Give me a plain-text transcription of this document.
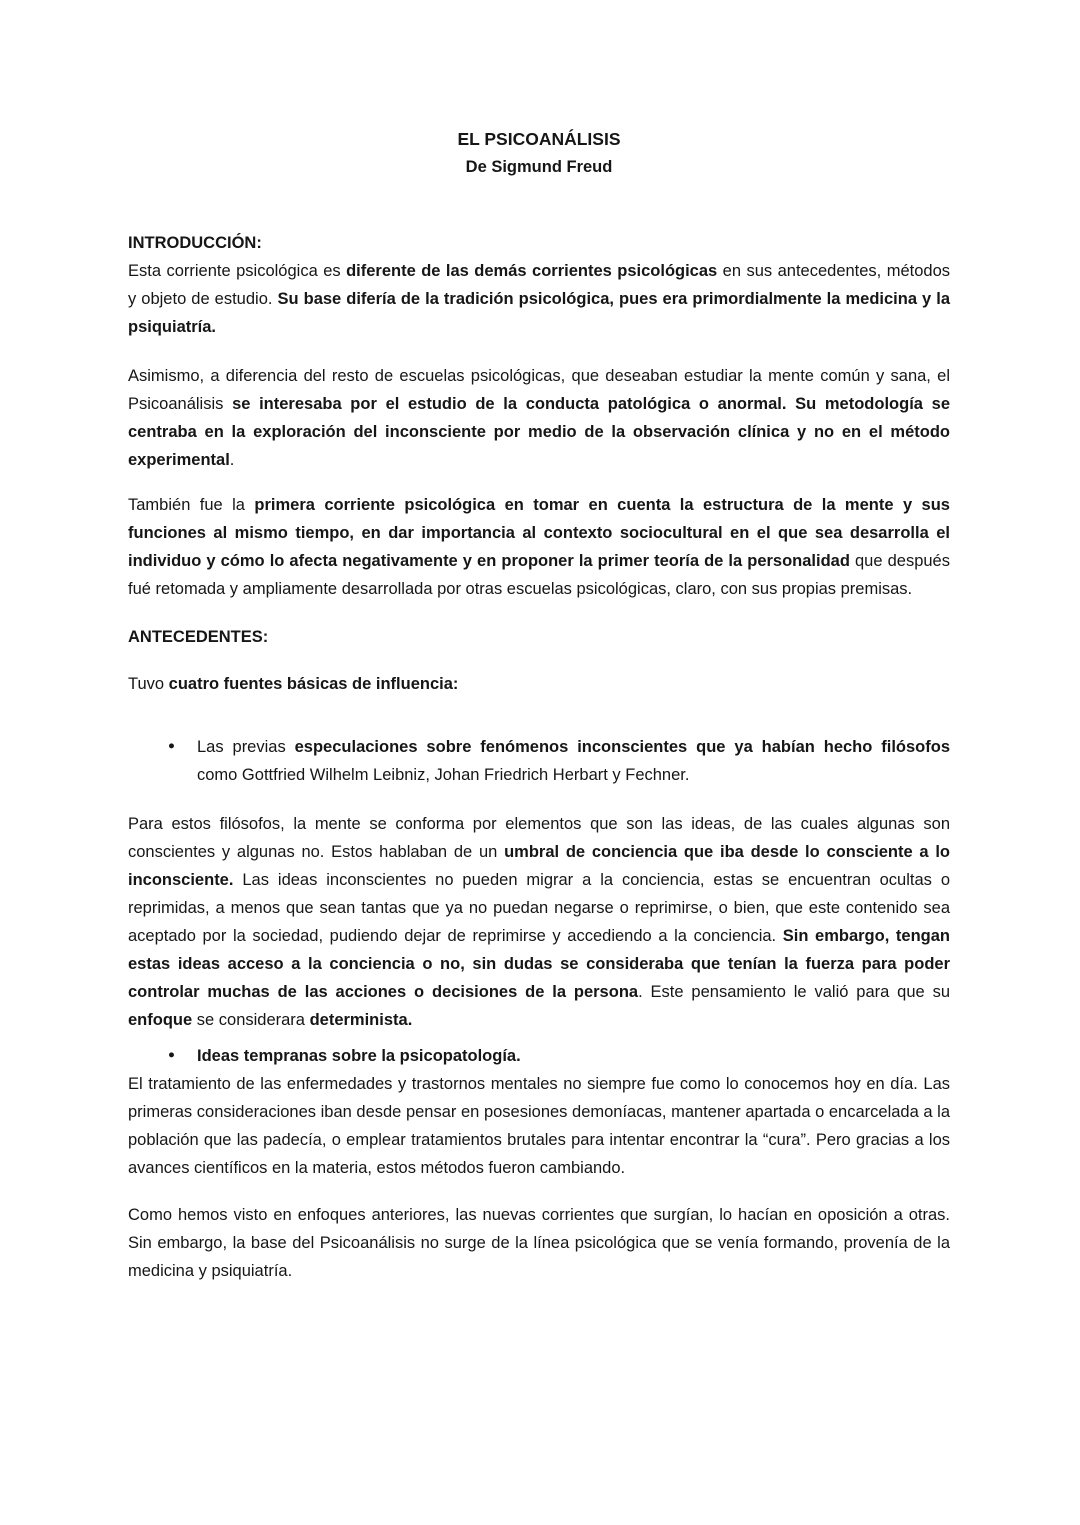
EL PSICOANÁLISIS
De Sigmund Freud
INTRODUCCIÓN:
Esta corriente psicológica es diferente de las demás corrientes psicológicas en sus antecedentes, métodos y objeto de estudio. Su base difería de la tradición psicológica, pues era primordialmente la medicina y la psiquiatría.
Asimismo, a diferencia del resto de escuelas psicológicas, que deseaban estudiar la mente común y sana, el Psicoanálisis se interesaba por el estudio de la conducta patológica o anormal. Su metodología se centraba en la exploración del inconsciente por medio de la observación clínica y no en el método experimental.
También fue la primera corriente psicológica en tomar en cuenta la estructura de la mente y sus funciones al mismo tiempo, en dar importancia al contexto sociocultural en el que sea desarrolla el individuo y cómo lo afecta negativamente y en proponer la primer teoría de la personalidad que después fué retomada y ampliamente desarrollada por otras escuelas psicológicas, claro, con sus propias premisas.
ANTECEDENTES:
Tuvo cuatro fuentes básicas de influencia:
● Las previas especulaciones sobre fenómenos inconscientes que ya habían hecho filósofos como Gottfried Wilhelm Leibniz, Johan Friedrich Herbart y Fechner.
Para estos filósofos, la mente se conforma por elementos que son las ideas, de las cuales algunas son conscientes y algunas no. Estos hablaban de un umbral de conciencia que iba desde lo consciente a lo inconsciente. Las ideas inconscientes no pueden migrar a la conciencia, estas se encuentran ocultas o reprimidas, a menos que sean tantas que ya no puedan negarse o reprimirse, o bien, que este contenido sea aceptado por la sociedad, pudiendo dejar de reprimirse y accediendo a la conciencia. Sin embargo, tengan estas ideas acceso a la conciencia o no, sin dudas se consideraba que tenían la fuerza para poder controlar muchas de las acciones o decisiones de la persona. Este pensamiento le valió para que su enfoque se considerara determinista.
● Ideas tempranas sobre la psicopatología.
El tratamiento de las enfermedades y trastornos mentales no siempre fue como lo conocemos hoy en día. Las primeras consideraciones iban desde pensar en posesiones demoníacas, mantener apartada o encarcelada a la población que las padecía, o emplear tratamientos brutales para intentar encontrar la “cura”. Pero gracias a los avances científicos en la materia, estos métodos fueron cambiando.
Como hemos visto en enfoques anteriores, las nuevas corrientes que surgían, lo hacían en oposición a otras. Sin embargo, la base del Psicoanálisis no surge de la línea psicológica que se venía formando, provenía de la medicina y psiquiatría.
